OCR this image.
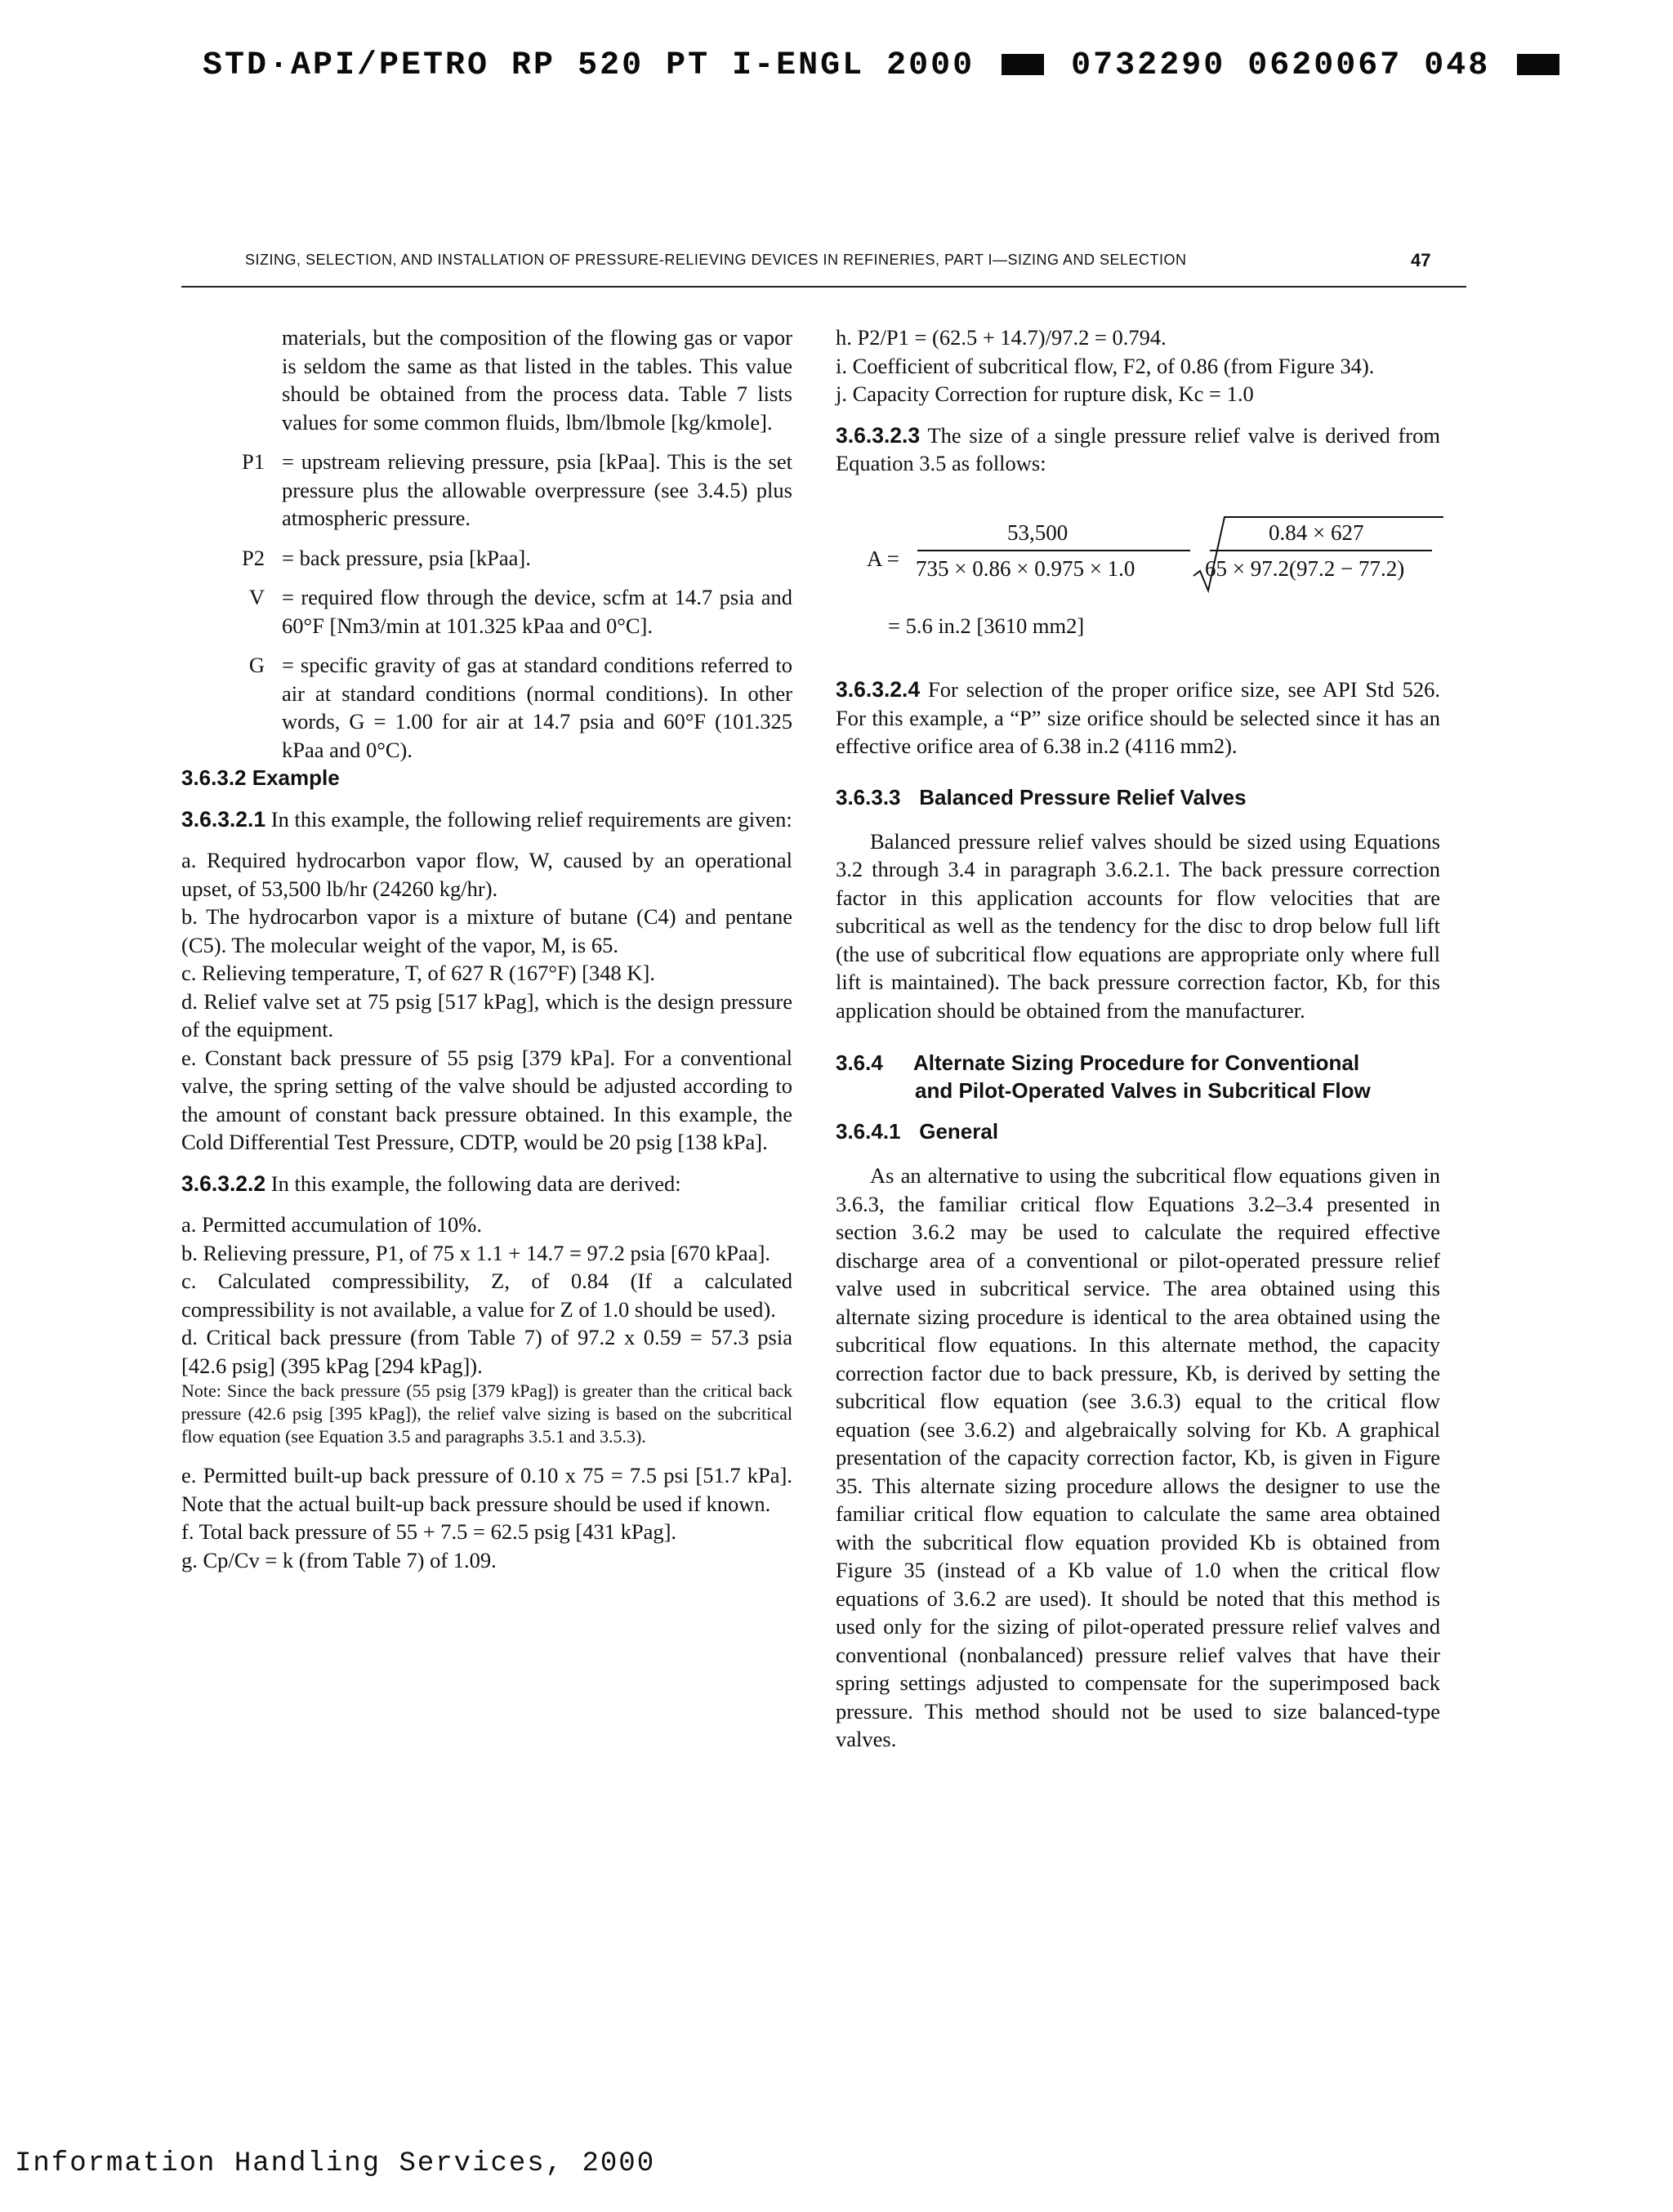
STD·API/PETRO RP 520 PT I-ENGL 2000	0732290 0620067 048
SIZING, SELECTION, AND INSTALLATION OF PRESSURE-RELIEVING DEVICES IN REFINERIES, PART I—SIZING AND SELECTION	47

materials, but the composition of the flowing gas or vapor is seldom the same as that listed in the tables. This value should be obtained from the process data. Table 7 lists values for some common fluids, lbm/lbmole [kg/kmole].

P1 = upstream relieving pressure, psia [kPaa]. This is the set pressure plus the allowable overpressure (see 3.4.5) plus atmospheric pressure.
P2 = back pressure, psia [kPaa].
V = required flow through the device, scfm at 14.7 psia and 60°F [Nm3/min at 101.325 kPaa and 0°C].
G = specific gravity of gas at standard conditions referred to air at standard conditions (normal conditions). In other words, G = 1.00 for air at 14.7 psia and 60°F (101.325 kPaa and 0°C).

3.6.3.2 Example

3.6.3.2.1 In this example, the following relief requirements are given:

a. Required hydrocarbon vapor flow, W, caused by an operational upset, of 53,500 lb/hr (24260 kg/hr).

b. The hydrocarbon vapor is a mixture of butane (C4) and pentane (C5). The molecular weight of the vapor, M, is 65.

c. Relieving temperature, T, of 627 R (167°F) [348 K].

d. Relief valve set at 75 psig [517 kPag], which is the design pressure of the equipment.

e. Constant back pressure of 55 psig [379 kPa]. For a conventional valve, the spring setting of the valve should be adjusted according to the amount of constant back pressure obtained. In this example, the Cold Differential Test Pressure, CDTP, would be 20 psig [138 kPa].

3.6.3.2.2 In this example, the following data are derived:

a. Permitted accumulation of 10%.

b. Relieving pressure, P1, of 75 x 1.1 + 14.7 = 97.2 psia [670 kPaa].

c. Calculated compressibility, Z, of 0.84 (If a calculated compressibility is not available, a value for Z of 1.0 should be used).

d. Critical back pressure (from Table 7) of 97.2 x 0.59 = 57.3 psia [42.6 psig] (395 kPag [294 kPag]).

Note: Since the back pressure (55 psig [379 kPag]) is greater than the critical back pressure (42.6 psig [395 kPag]), the relief valve sizing is based on the subcritical flow equation (see Equation 3.5 and paragraphs 3.5.1 and 3.5.3).

e. Permitted built-up back pressure of 0.10 x 75 = 7.5 psi [51.7 kPa]. Note that the actual built-up back pressure should be used if known.

f. Total back pressure of 55 + 7.5 = 62.5 psig [431 kPag].

g. Cp/Cv = k (from Table 7) of 1.09.

h. P2/P1 = (62.5 + 14.7)/97.2 = 0.794.

i. Coefficient of subcritical flow, F2, of 0.86 (from Figure 34).

j. Capacity Correction for rupture disk, Kc = 1.0

3.6.3.2.3 The size of a single pressure relief valve is derived from Equation 3.5 as follows:

A =
53,500
735 × 0.86 × 0.975 × 1.0
0.84 × 627
65 × 97.2(97.2 − 77.2)

= 5.6 in.2 [3610 mm2]

3.6.3.2.4 For selection of the proper orifice size, see API Std 526. For this example, a “P” size orifice should be selected since it has an effective orifice area of 6.38 in.2 (4116 mm2).

3.6.3.3 Balanced Pressure Relief Valves

Balanced pressure relief valves should be sized using Equations 3.2 through 3.4 in paragraph 3.6.2.1. The back pressure correction factor in this application accounts for flow velocities that are subcritical as well as the tendency for the disc to drop below full lift (the use of subcritical flow equations are appropriate only where full lift is maintained). The back pressure correction factor, Kb, for this application should be obtained from the manufacturer.

3.6.4 Alternate Sizing Procedure for Conventional
and Pilot-Operated Valves in Subcritical Flow

3.6.4.1 General

As an alternative to using the subcritical flow equations given in 3.6.3, the familiar critical flow Equations 3.2–3.4 presented in section 3.6.2 may be used to calculate the required effective discharge area of a conventional or pilot-operated pressure relief valve used in subcritical service. The area obtained using this alternate sizing procedure is identical to the area obtained using the subcritical flow equations. In this alternate method, the capacity correction factor due to back pressure, Kb, is derived by setting the subcritical flow equation (see 3.6.3) equal to the critical flow equation (see 3.6.2) and algebraically solving for Kb. A graphical presentation of the capacity correction factor, Kb, is given in Figure 35. This alternate sizing procedure allows the designer to use the familiar critical flow equation to calculate the same area obtained with the subcritical flow equation provided Kb is obtained from Figure 35 (instead of a Kb value of 1.0 when the critical flow equations of 3.6.2 are used). It should be noted that this method is used only for the sizing of pilot-operated pressure relief valves and conventional (nonbalanced) pressure relief valves that have their spring settings adjusted to compensate for the superimposed back pressure. This method should not be used to size balanced-type valves.

Information Handling Services, 2000
